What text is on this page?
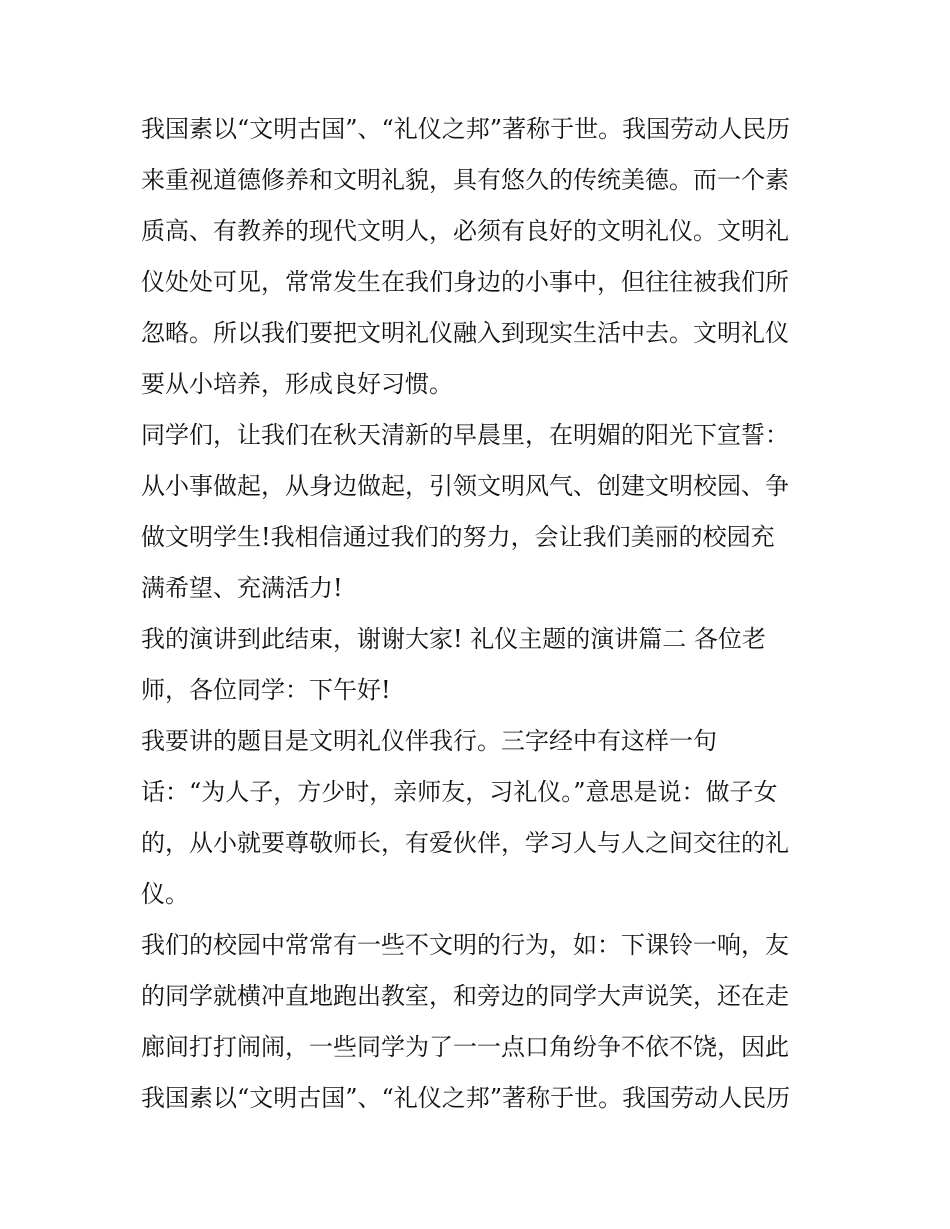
我国素以“文明古国”、“礼仪之邦”著称于世。我国劳动人民历
来重视道德修养和文明礼貌，具有悠久的传统美德。而一个素
质高、有教养的现代文明人，必须有良好的文明礼仪。文明礼
仪处处可见，常常发生在我们身边的小事中，但往往被我们所
忽略。所以我们要把文明礼仪融入到现实生活中去。文明礼仪
要从小培养，形成良好习惯。
同学们，让我们在秋天清新的早晨里，在明媚的阳光下宣誓：
从小事做起，从身边做起，引领文明风气、创建文明校园、争
做文明学生!我相信通过我们的努力，会让我们美丽的校园充
满希望、充满活力!
我的演讲到此结束，谢谢大家! 礼仪主题的演讲篇二 各位老
师，各位同学：下午好!
我要讲的题目是文明礼仪伴我行。三字经中有这样一句
话：“为人子，方少时，亲师友，习礼仪。”意思是说：做子女
的，从小就要尊敬师长，有爱伙伴，学习人与人之间交往的礼
仪。
我们的校园中常常有一些不文明的行为，如：下课铃一响，友
的同学就横冲直地跑出教室，和旁边的同学大声说笑，还在走
廊间打打闹闹，一些同学为了一一点口角纷争不依不饶，因此
我国素以“文明古国”、“礼仪之邦”著称于世。我国劳动人民历
